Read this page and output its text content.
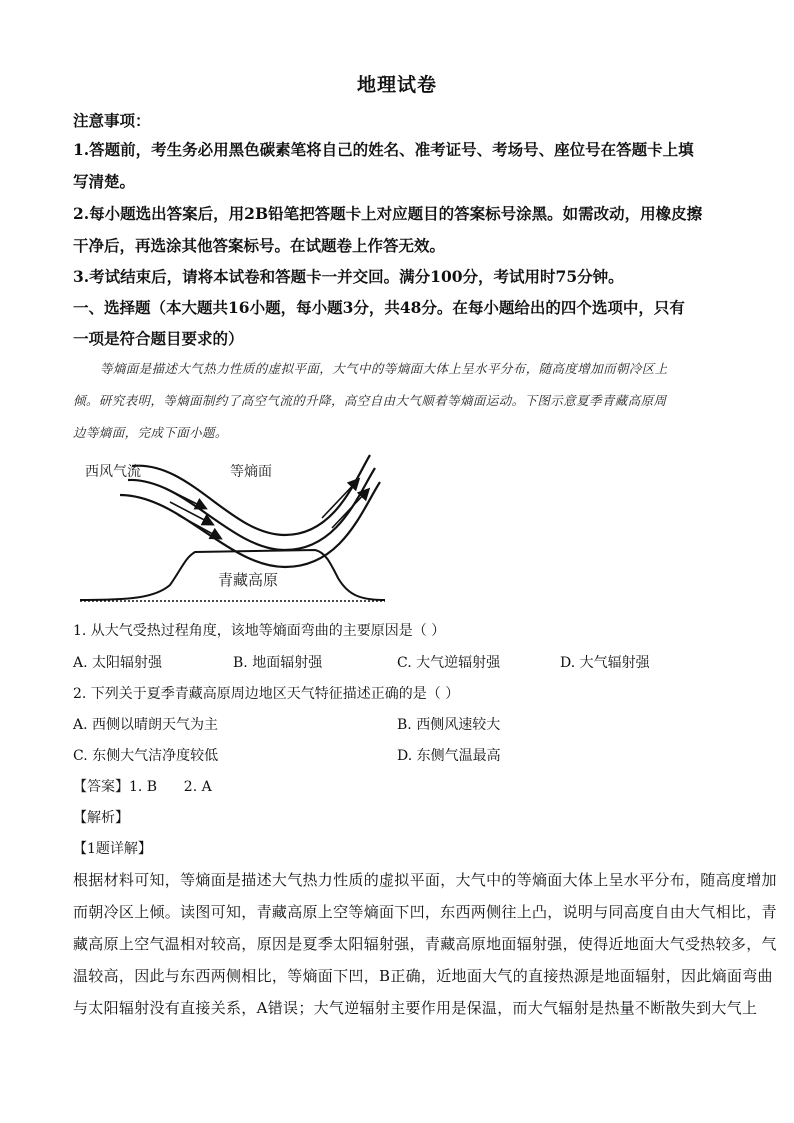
地理试卷
注意事项：
1.答题前，考生务必用黑色碳素笔将自己的姓名、准考证号、考场号、座位号在答题卡上填
写清楚。
2.每小题选出答案后，用2B铅笔把答题卡上对应题目的答案标号涂黑。如需改动，用橡皮擦
干净后，再选涂其他答案标号。在试题卷上作答无效。
3.考试结束后，请将本试卷和答题卡一并交回。满分100分，考试用时75分钟。
一、选择题（本大题共16小题，每小题3分，共48分。在每小题给出的四个选项中，只有
一项是符合题目要求的）
等熵面是描述大气热力性质的虚拟平面，大气中的等熵面大体上呈水平分布，随高度增加而朝冷区上
倾。研究表明，等熵面制约了高空气流的升降，高空自由大气顺着等熵面运动。下图示意夏季青藏高原周
边等熵面，完成下面小题。
西风气流	等熵面
青藏高原
1. 从大气受热过程角度，该地等熵面弯曲的主要原因是（ ）
A. 太阳辐射强	B. 地面辐射强	C. 大气逆辐射强	D. 大气辐射强
2. 下列关于夏季青藏高原周边地区天气特征描述正确的是（ ）
A. 西侧以晴朗天气为主	B. 西侧风速较大
C. 东侧大气洁净度较低	D. 东侧气温最高
【答案】1. B      2. A
【解析】
【1题详解】
根据材料可知，等熵面是描述大气热力性质的虚拟平面，大气中的等熵面大体上呈水平分布，随高度增加
而朝冷区上倾。读图可知，青藏高原上空等熵面下凹，东西两侧往上凸，说明与同高度自由大气相比，青
藏高原上空气温相对较高，原因是夏季太阳辐射强，青藏高原地面辐射强，使得近地面大气受热较多，气
温较高，因此与东西两侧相比，等熵面下凹，B正确，近地面大气的直接热源是地面辐射，因此熵面弯曲
与太阳辐射没有直接关系，A错误；大气逆辐射主要作用是保温，而大气辐射是热量不断散失到大气上
